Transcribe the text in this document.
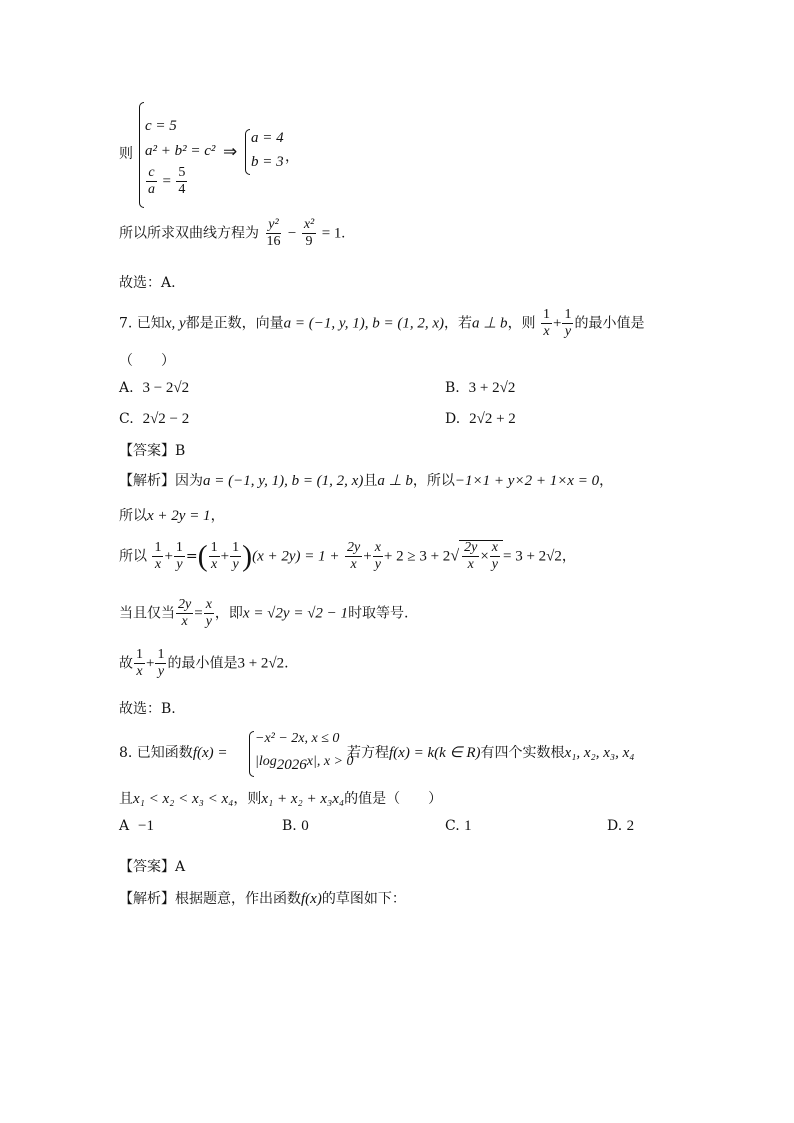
则
c = 5
a² + b² = c²
$\frac{c}{a} = \frac{5}{4}$
⇒
a = 4
b = 3 ，
所以所求双曲线方程为 $\frac{\text{y²}}{16} - \frac{\text{x²}}{9} = 1$.
故选：A.
7. 已知x, y都是正数，向量a = (−1, y, 1), b = (1, 2, x)，若a ⊥ b，则 $\frac{1}{x} + \frac{1}{y}$ 的最小值是
（　　）
A. 3 − 2√2	B. 3 + 2√2
C. 2√2 − 2	D. 2√2 + 2
【答案】B
【解析】因为a = (−1, y, 1), b = (1, 2, x)且a ⊥ b，所以−1×1 + y×2 + 1×x = 0，
所以x + 2y = 1，
所以 $\frac{1}{x} + \frac{1}{y}$ =( $\frac{1}{x} + \frac{1}{y} )(x + 2y) = 1 + \frac{2y}{x} + \frac{x}{y} + 2 \ge 3 + 2√ \frac{2y}{x} \times \frac{x}{y} = 3 + 2√2$，
当且仅当 $\frac{2y}{x} = \frac{x}{y}$ ，即x = √2y = √2 − 1时取等号.
故 $\frac{1}{x} + \frac{1}{y}$ 的最小值是3 + 2√2.
故选：B.
8. 已知函数f(x) =
−x² − 2x, x ≤ 0
$|\log_{2026}x|$, x > 0
若方程f(x) = k(k ∈ R)有四个实数根x₁, x₂, x₃, x₄
且x₁ < x₂ < x₃ < x₄，则x₁ + x₂ + x₃x₄的值是（　　）
A −1	B. 0	C. 1	D. 2
【答案】A
【解析】根据题意，作出函数f(x)的草图如下：
